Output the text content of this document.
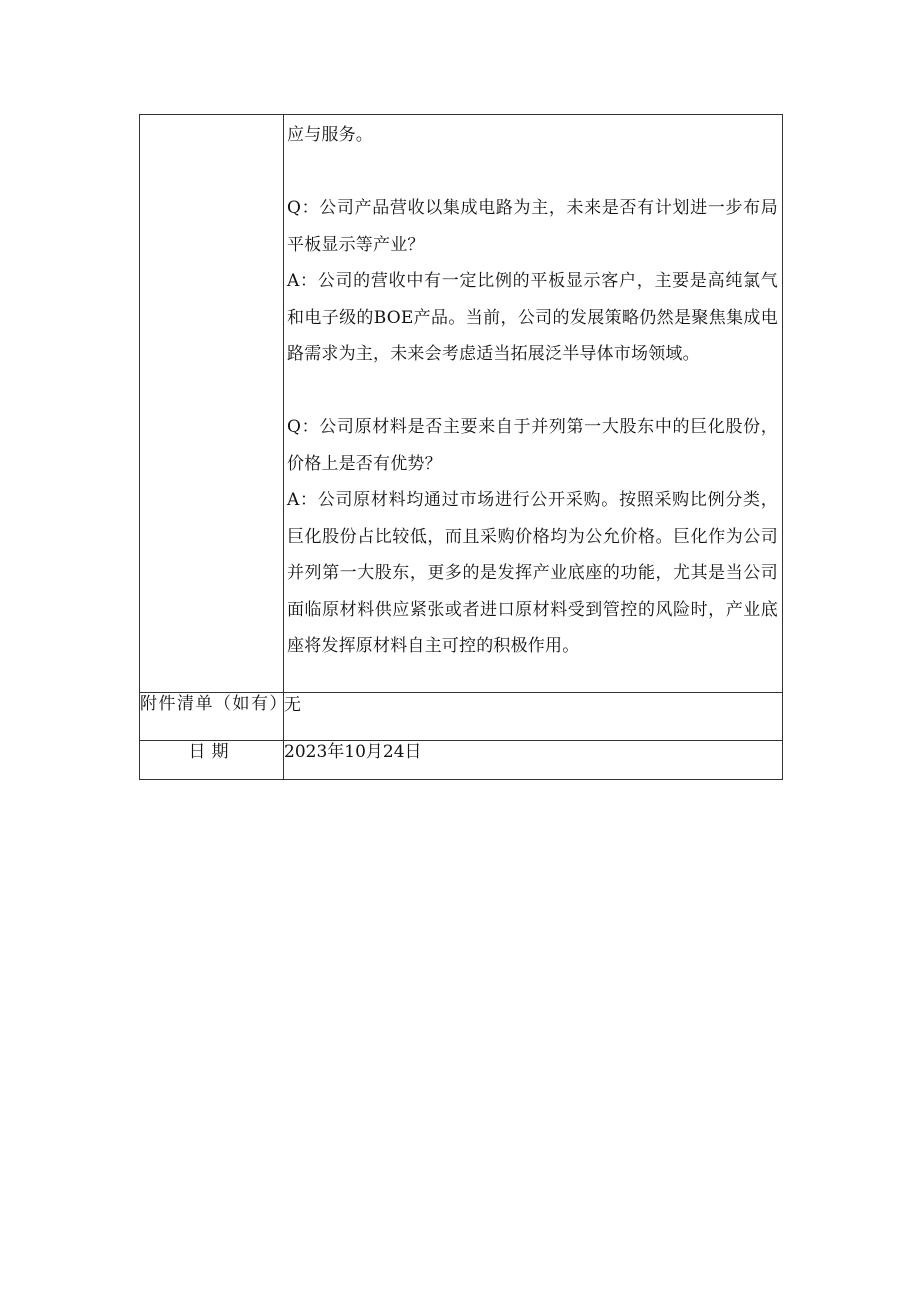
	应与服务。

Q：公司产品营收以集成电路为主，未来是否有计划进一步布局平板显示等产业？

A：公司的营收中有一定比例的平板显示客户，主要是高纯氯气和电子级的BOE产品。当前，公司的发展策略仍然是聚焦集成电路需求为主，未来会考虑适当拓展泛半导体市场领域。

Q：公司原材料是否主要来自于并列第一大股东中的巨化股份，价格上是否有优势？

A：公司原材料均通过市场进行公开采购。按照采购比例分类，巨化股份占比较低，而且采购价格均为公允价格。巨化作为公司并列第一大股东，更多的是发挥产业底座的功能，尤其是当公司面临原材料供应紧张或者进口原材料受到管控的风险时，产业底座将发挥原材料自主可控的积极作用。

附件清单（如有）	无
日期	2023年10月24日
